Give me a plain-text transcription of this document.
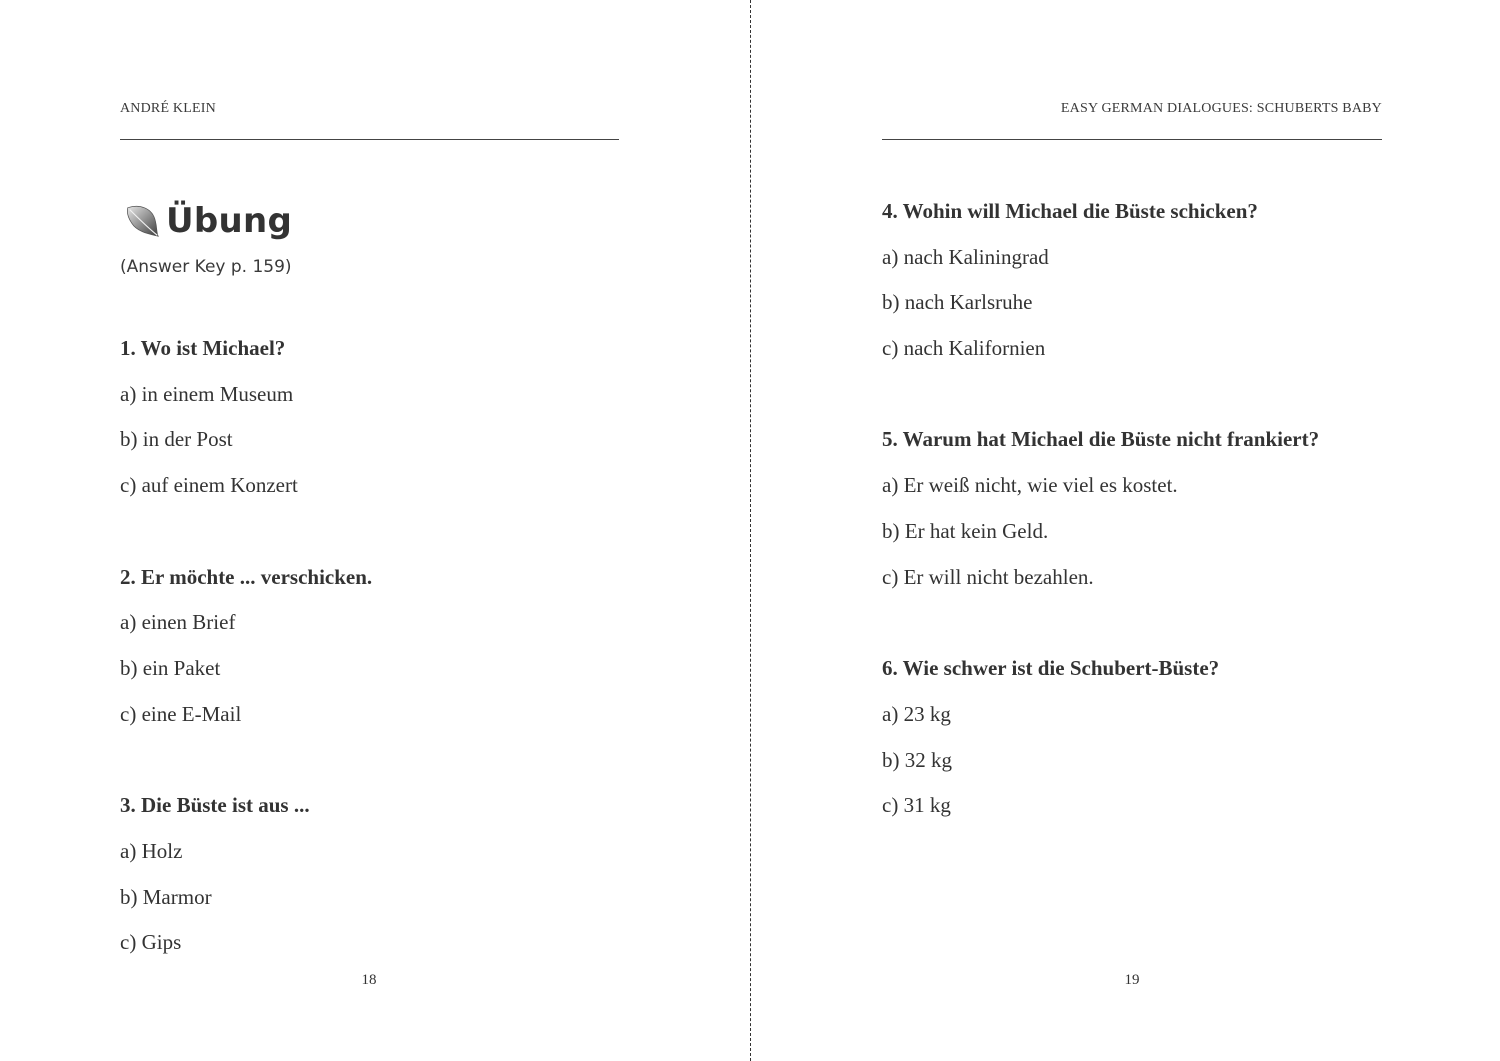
ANDRÉ KLEIN
Übung
(Answer Key p. 159)
1. Wo ist Michael?
a) in einem Museum
b) in der Post
c) auf einem Konzert
2. Er möchte ... verschicken.
a) einen Brief
b) ein Paket
c) eine E-Mail
3. Die Büste ist aus ...
a) Holz
b) Marmor
c) Gips
18
EASY GERMAN DIALOGUES: SCHUBERTS BABY
4. Wohin will Michael die Büste schicken?
a) nach Kaliningrad
b) nach Karlsruhe
c) nach Kalifornien
5. Warum hat Michael die Büste nicht frankiert?
a) Er weiß nicht, wie viel es kostet.
b) Er hat kein Geld.
c) Er will nicht bezahlen.
6. Wie schwer ist die Schubert-Büste?
a) 23 kg
b) 32 kg
c) 31 kg
19
